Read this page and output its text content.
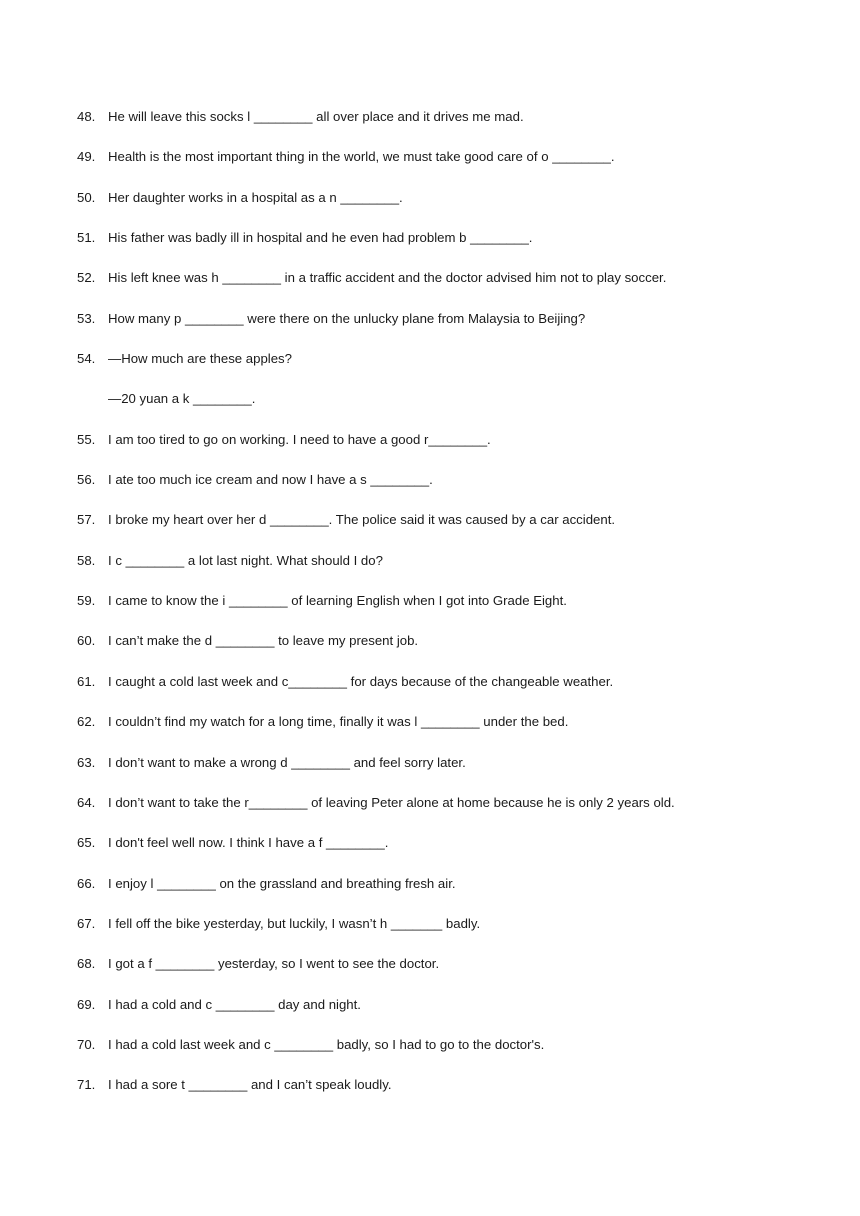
48. He will leave this socks l ________ all over place and it drives me mad.
49. Health is the most important thing in the world, we must take good care of o ________.
50. Her daughter works in a hospital as a n ________.
51. His father was badly ill in hospital and he even had problem b ________.
52. His left knee was h ________ in a traffic accident and the doctor advised him not to play soccer.
53. How many p ________ were there on the unlucky plane from Malaysia to Beijing?
54. —How much are these apples?
—20 yuan a k ________.
55. I am too tired to go on working. I need to have a good r________.
56. I ate too much ice cream and now I have a s ________.
57. I broke my heart over her d ________. The police said it was caused by a car accident.
58. I c ________ a lot last night. What should I do?
59. I came to know the i ________ of learning English when I got into Grade Eight.
60. I can’t make the d ________ to leave my present job.
61. I caught a cold last week and c________ for days because of the changeable weather.
62. I couldn’t find my watch for a long time, finally it was l ________ under the bed.
63. I don’t want to make a wrong d ________ and feel sorry later.
64. I don’t want to take the r________ of leaving Peter alone at home because he is only 2 years old.
65. I don't feel well now. I think I have a f ________.
66. I enjoy l ________ on the grassland and breathing fresh air.
67. I fell off the bike yesterday, but luckily, I wasn’t h _______ badly.
68. I got a f ________ yesterday, so I went to see the doctor.
69. I had a cold and c ________ day and night.
70. I had a cold last week and c ________ badly, so I had to go to the doctor's.
71. I had a sore t ________ and I can’t speak loudly.
